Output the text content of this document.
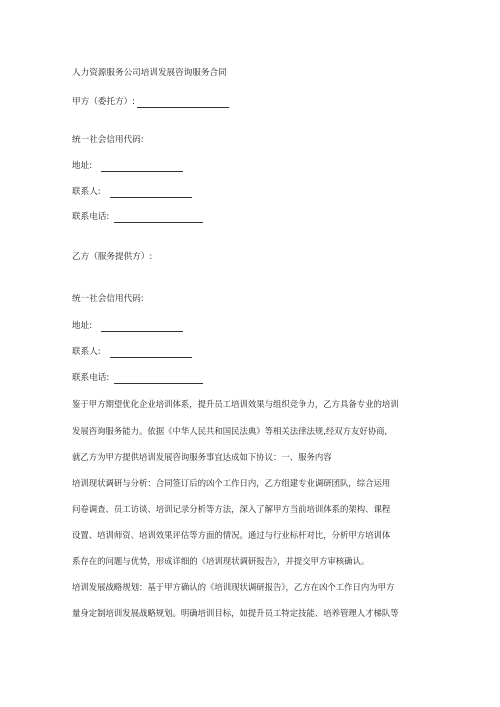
人力资源服务公司培训发展咨询服务合同
甲方（委托方）:
统一社会信用代码:
地址:
联系人:
联系电话:
乙方（服务提供方）:
统一社会信用代码:
地址:
联系人:
联系电话:
鉴于甲方期望优化企业培训体系，提升员工培训效果与组织竞争力，乙方具备专业的培训
发展咨询服务能力。依据《中华人民共和国民法典》等相关法律法规,经双方友好协商,
就乙方为甲方提供培训发展咨询服务事宜达成如下协议：一、服务内容
培训现状调研与分析：合同签订后的凶个工作日内，乙方组建专业调研团队，综合运用
问卷调查、员工访谈、培训记录分析等方法，深入了解甲方当前培训体系的架构、课程
设置、培训师资、培训效果评估等方面的情况。通过与行业标杆对比，分析甲方培训体
系存在的问题与优势，形成详细的《培训现状调研报告》，并提交甲方审核确认。
培训发展战略规划：基于甲方确认的《培训现状调研报告》，乙方在凶个工作日内为甲方
量身定制培训发展战略规划。明确培训目标，如提升员工特定技能、培养管理人才梯队等
